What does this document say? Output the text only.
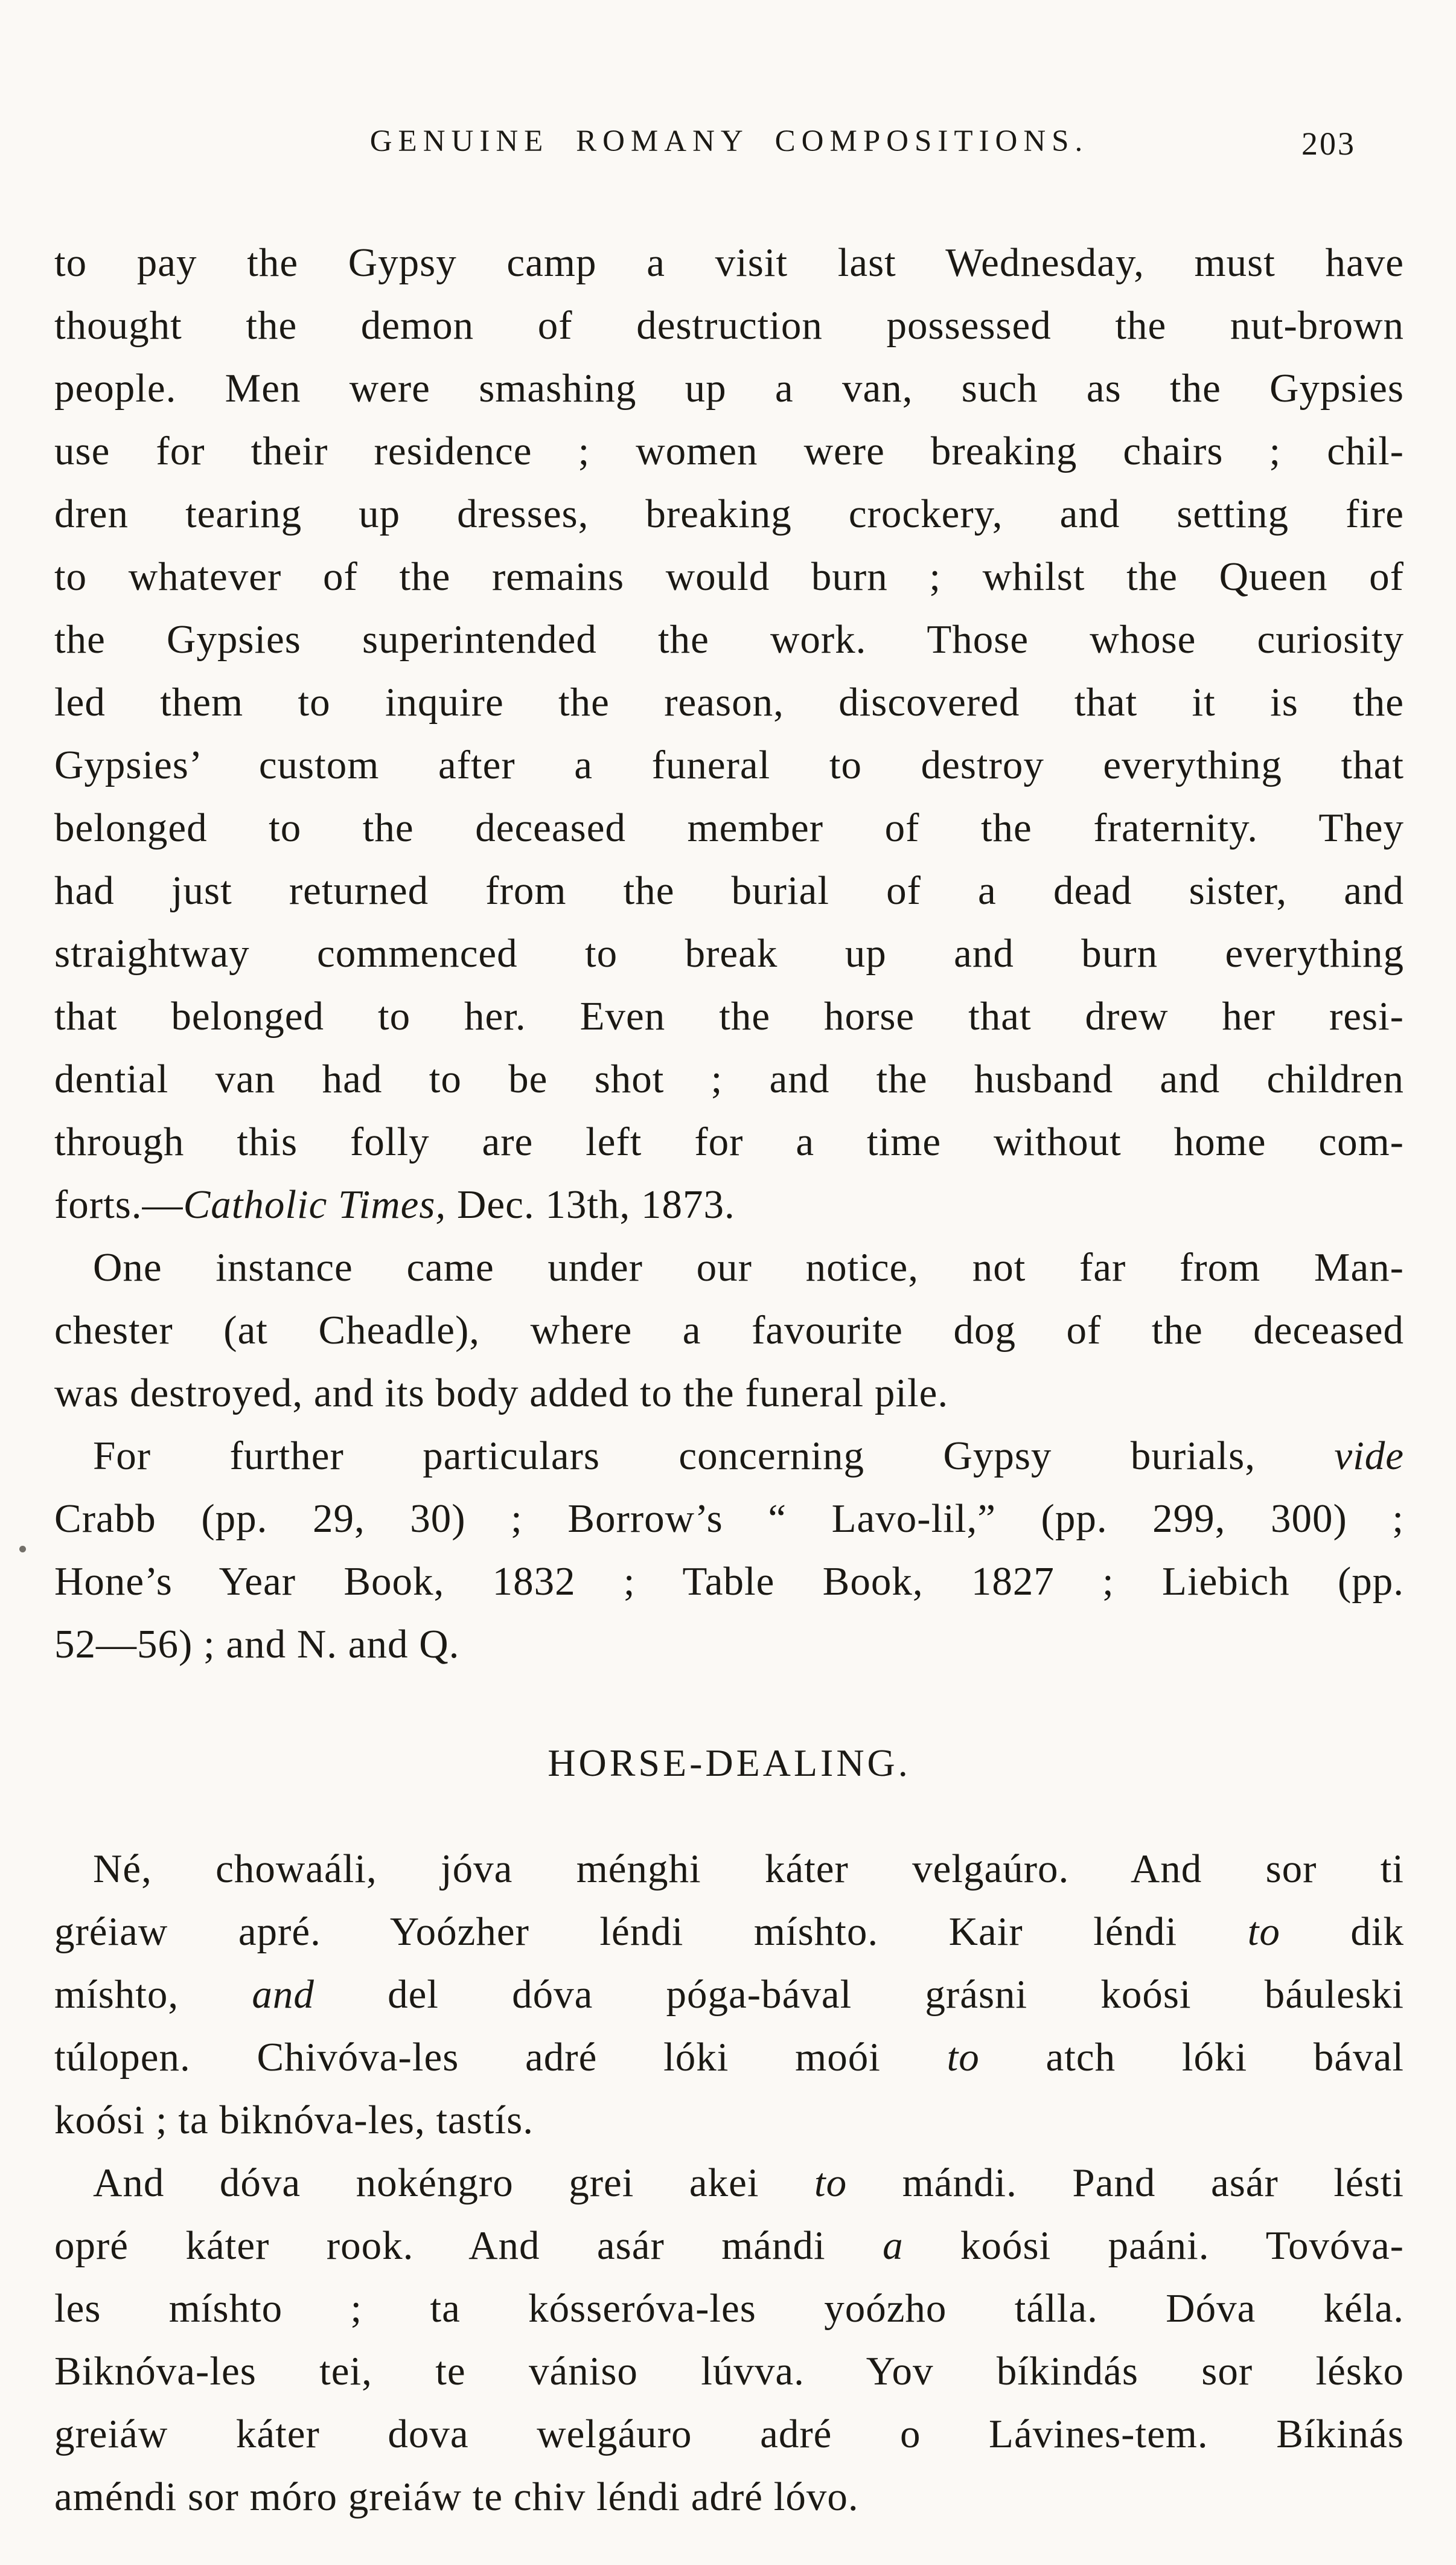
GENUINE ROMANY COMPOSITIONS.	203
to pay the Gypsy camp a visit last Wednesday, must have
thought the demon of destruction possessed the nut-brown
people. Men were smashing up a van, such as the Gypsies
use for their residence ; women were breaking chairs ; chil-
dren tearing up dresses, breaking crockery, and setting fire
to whatever of the remains would burn ; whilst the Queen of
the Gypsies superintended the work. Those whose curiosity
led them to inquire the reason, discovered that it is the
Gypsies’ custom after a funeral to destroy everything that
belonged to the deceased member of the fraternity. They
had just returned from the burial of a dead sister, and
straightway commenced to break up and burn everything
that belonged to her. Even the horse that drew her resi-
dential van had to be shot ; and the husband and children
through this folly are left for a time without home com-
forts.—Catholic Times, Dec. 13th, 1873.
One instance came under our notice, not far from Man-
chester (at Cheadle), where a favourite dog of the deceased
was destroyed, and its body added to the funeral pile.
For further particulars concerning Gypsy burials, vide
Crabb (pp. 29, 30) ; Borrow’s “ Lavo-lil,” (pp. 299, 300) ;
Hone’s Year Book, 1832 ; Table Book, 1827 ; Liebich (pp.
52—56) ; and N. and Q.
HORSE-DEALING.
Né, chowaáli, jóva ménghi káter velgaúro. And sor ti
gréiaw apré. Yoózher léndi míshto. Kair léndi to dik
míshto, and del dóva póga-bával grásni koósi báuleski
túlopen. Chivóva-les adré lóki moói to atch lóki bával
koósi ; ta biknóva-les, tastís.
And dóva nokéngro grei akei to mándi. Pand asár lésti
opré káter rook. And asár mándi a koósi paáni. Tovóva-
les míshto ; ta kósseróva-les yoózho tálla. Dóva kéla.
Biknóva-les tei, te vániso lúvva. Yov bíkindás sor lésko
greiáw káter dova welgáuro adré o Lávines-tem. Bíkinás
améndi sor móro greiáw te chiv léndi adré lóvo.
